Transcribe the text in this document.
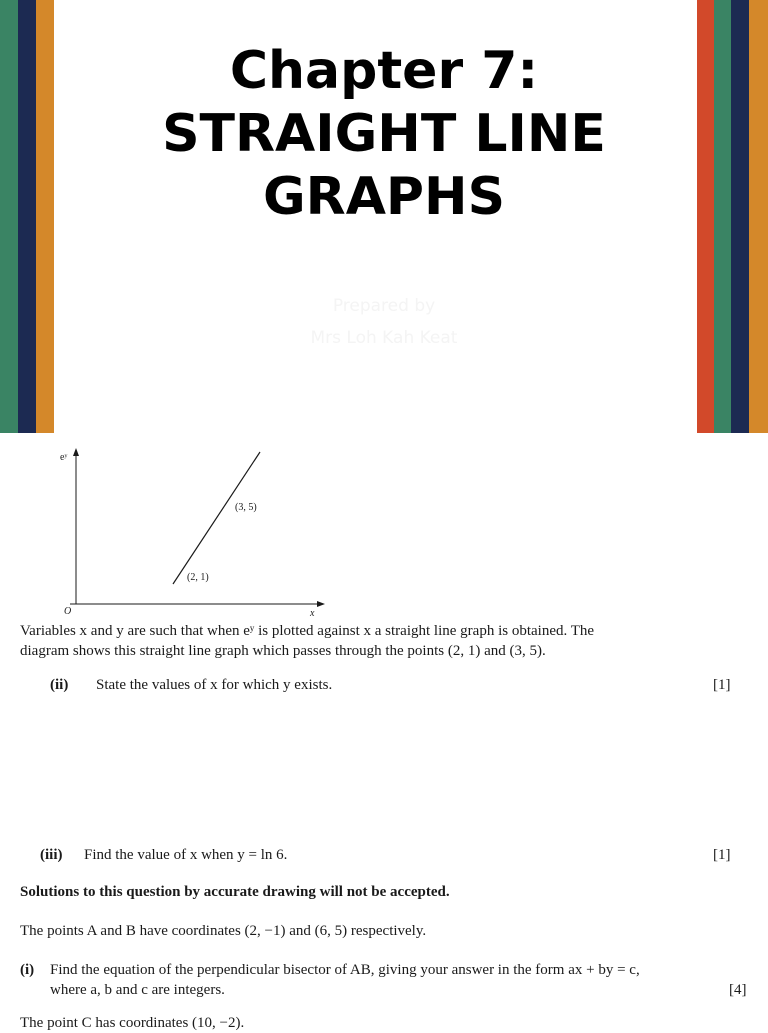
Chapter 7:
STRAIGHT LINE
GRAPHS
Prepared by
Mrs Loh Kah Keat
eʸ
x
O
(3, 5)
(2, 1)
Variables x and y are such that when eʸ is plotted against x a straight line graph is obtained. The
diagram shows this straight line graph which passes through the points (2, 1) and (3, 5).
(ii) State the values of x for which y exists.	[1]
(iii) Find the value of x when y = ln 6.	[1]
Solutions to this question by accurate drawing will not be accepted.
The points A and B have coordinates (2, −1) and (6, 5) respectively.
(i) Find the equation of the perpendicular bisector of AB, giving your answer in the form ax + by = c,
where a, b and c are integers.	[4]
The point C has coordinates (10, −2).
